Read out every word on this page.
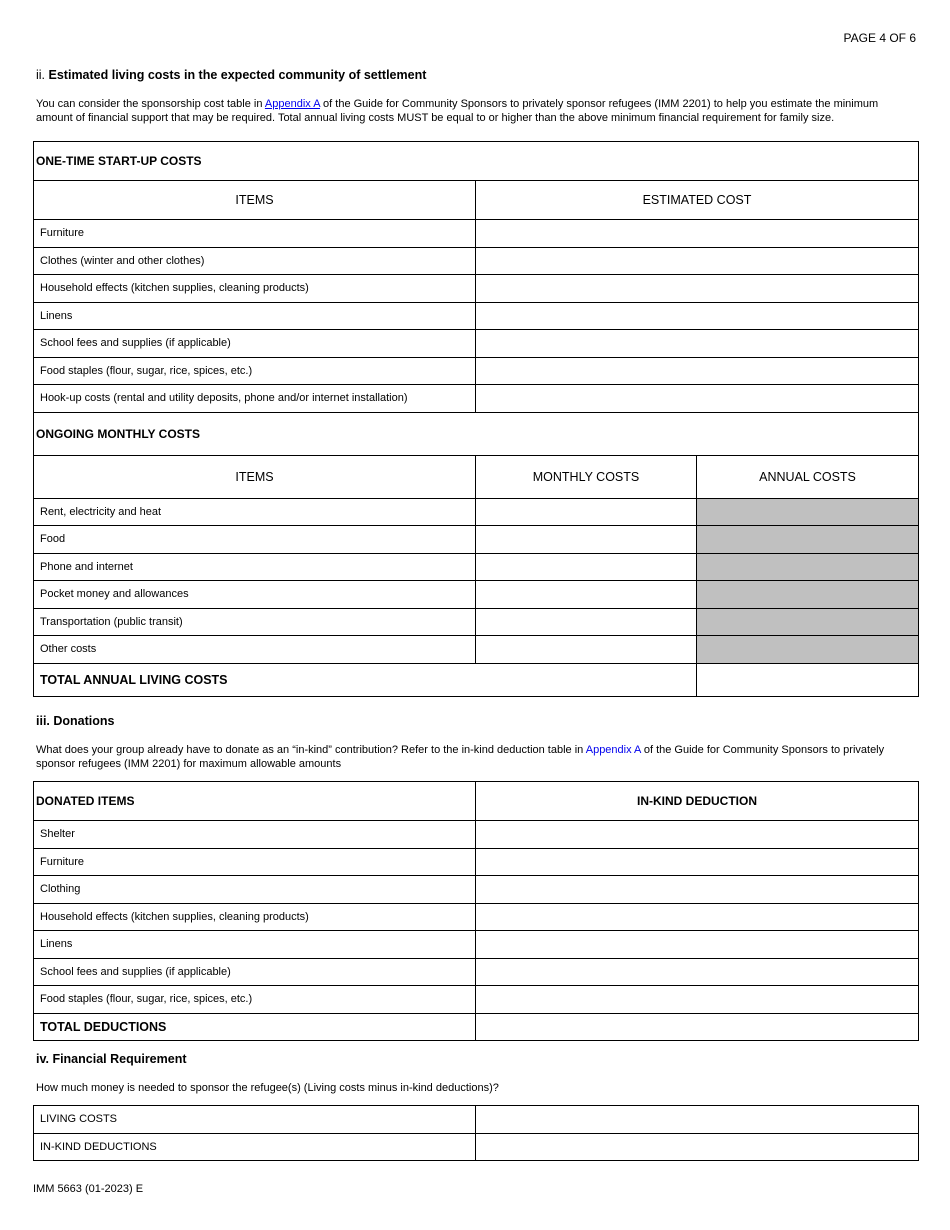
PAGE 4 OF 6
ii. Estimated living costs in the expected community of settlement
You can consider the sponsorship cost table in Appendix A of the Guide for Community Sponsors to privately sponsor refugees (IMM 2201) to help you estimate the minimum amount of financial support that may be required. Total annual living costs MUST be equal to or higher than the above minimum financial requirement for family size.
ONE-TIME START-UP COSTS		
ITEMS	ESTIMATED COST	
Furniture		
Clothes (winter and other clothes)		
Household effects (kitchen supplies, cleaning products)		
Linens		
School fees and supplies (if applicable)		
Food staples (flour, sugar, rice, spices, etc.)		
Hook-up costs (rental and utility deposits, phone and/or internet installation)		
ONGOING MONTHLY COSTS		
ITEMS	MONTHLY COSTS	ANNUAL COSTS
Rent, electricity and heat		
Food		
Phone and internet		
Pocket money and allowances		
Transportation (public transit)		
Other costs		
TOTAL ANNUAL LIVING COSTS		
iii. Donations
What does your group already have to donate as an “in-kind” contribution? Refer to the in-kind deduction table in Appendix A of the Guide for Community Sponsors to privately sponsor refugees (IMM 2201) for maximum allowable amounts
DONATED ITEMS	IN-KIND DEDUCTION
Shelter	
Furniture	
Clothing	
Household effects (kitchen supplies, cleaning products)	
Linens	
School fees and supplies (if applicable)	
Food staples (flour, sugar, rice, spices, etc.)	
TOTAL DEDUCTIONS	
iv. Financial Requirement
How much money is needed to sponsor the refugee(s) (Living costs minus in-kind deductions)?
LIVING COSTS	
IN-KIND DEDUCTIONS	
IMM 5663 (01-2023) E
